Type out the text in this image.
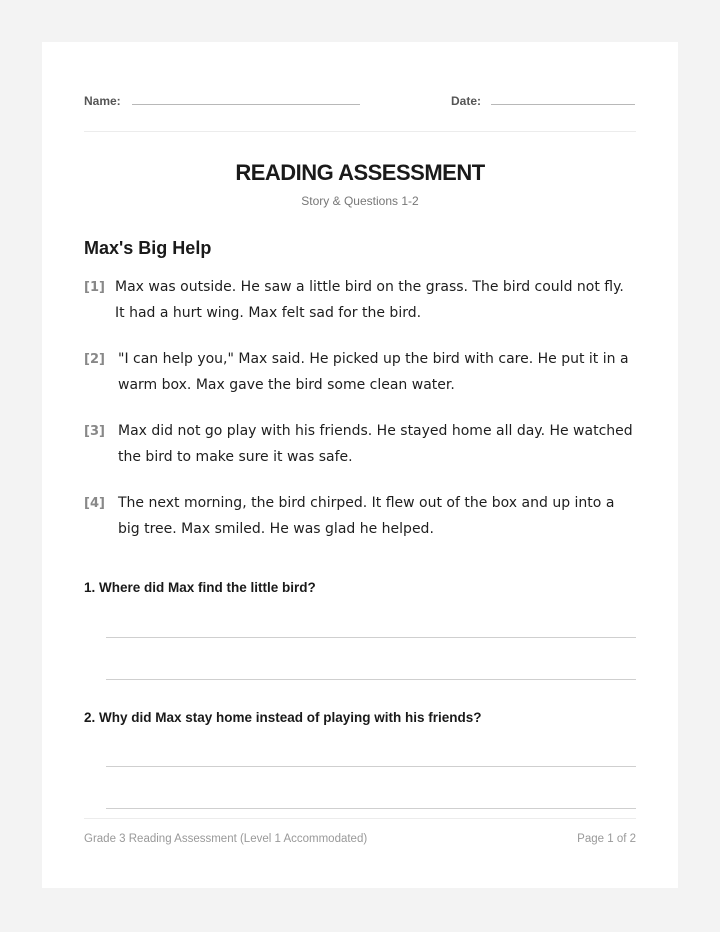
Name:	Date:
READING ASSESSMENT
Story & Questions 1-2
Max's Big Help
[1] Max was outside. He saw a little bird on the grass. The bird could not fly. It had a hurt wing. Max felt sad for the bird.
[2] "I can help you," Max said. He picked up the bird with care. He put it in a warm box. Max gave the bird some clean water.
[3] Max did not go play with his friends. He stayed home all day. He watched the bird to make sure it was safe.
[4] The next morning, the bird chirped. It flew out of the box and up into a big tree. Max smiled. He was glad he helped.
1. Where did Max find the little bird?
2. Why did Max stay home instead of playing with his friends?
Grade 3 Reading Assessment (Level 1 Accommodated)	Page 1 of 2
